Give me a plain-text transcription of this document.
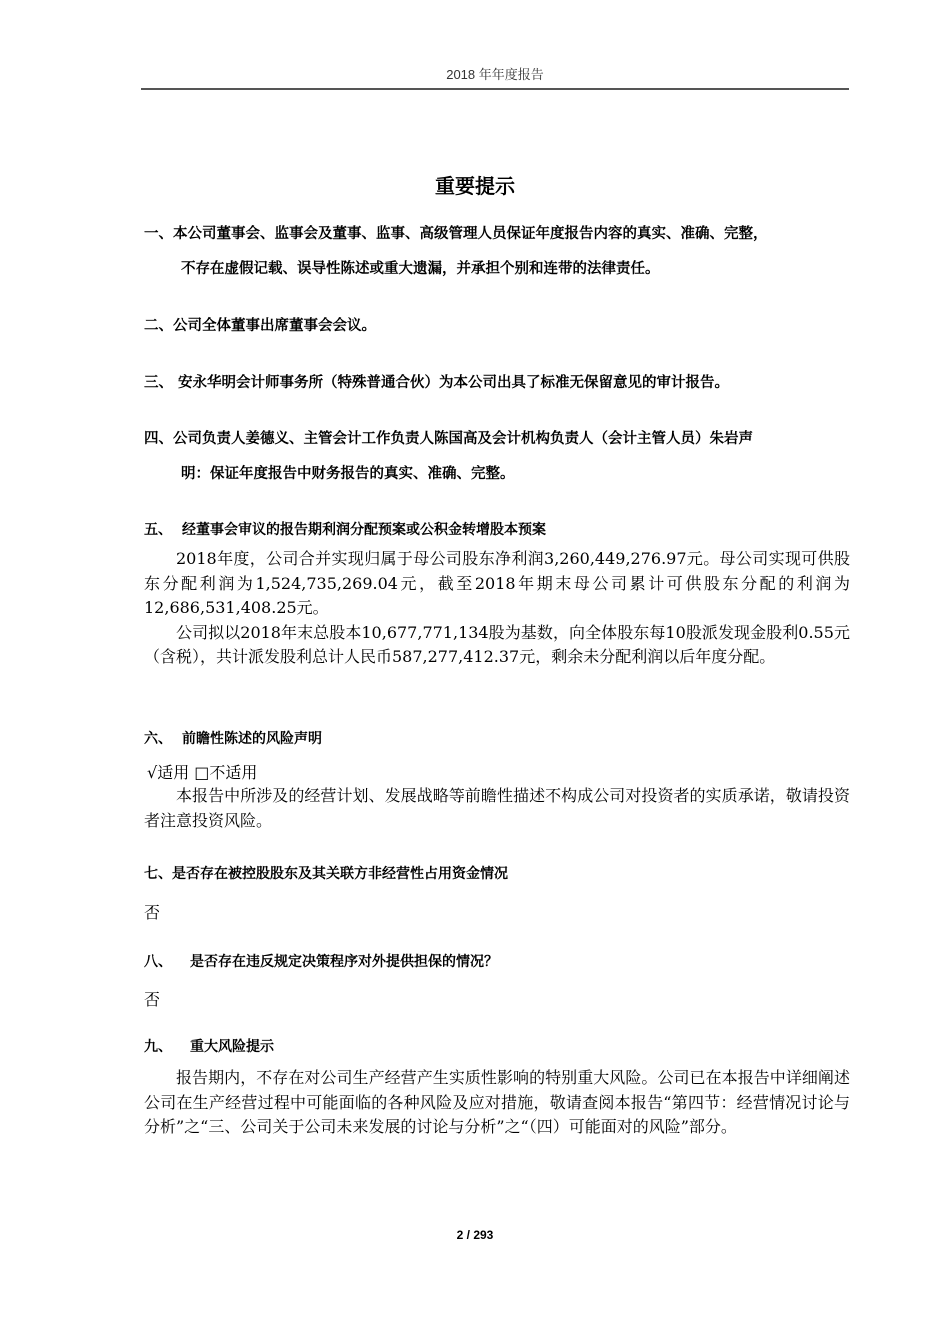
2018 年年度报告
重要提示
一、本公司董事会、监事会及董事、监事、高级管理人员保证年度报告内容的真实、准确、完整，
不存在虚假记载、误导性陈述或重大遗漏，并承担个别和连带的法律责任。
二、公司全体董事出席董事会会议。
三、 安永华明会计师事务所（特殊普通合伙）为本公司出具了标准无保留意见的审计报告。
四、公司负责人姜德义、主管会计工作负责人陈国高及会计机构负责人（会计主管人员）朱岩声
明：保证年度报告中财务报告的真实、准确、完整。
五、 经董事会审议的报告期利润分配预案或公积金转增股本预案

2018年度，公司合并实现归属于母公司股东净利润3,260,449,276.97元。母公司实现可供股东分配利润为1,524,735,269.04元，截至2018年期末母公司累计可供股东分配的利润为12,686,531,408.25元。

公司拟以2018年末总股本10,677,771,134股为基数，向全体股东每10股派发现金股利0.55元（含税），共计派发股利总计人民币587,277,412.37元，剩余未分配利润以后年度分配。

六、 前瞻性陈述的风险声明
√适用 □不适用

本报告中所涉及的经营计划、发展战略等前瞻性描述不构成公司对投资者的实质承诺，敬请投资者注意投资风险。

七、是否存在被控股股东及其关联方非经营性占用资金情况
否
八、 是否存在违反规定决策程序对外提供担保的情况？
否
九、 重大风险提示

报告期内，不存在对公司生产经营产生实质性影响的特别重大风险。公司已在本报告中详细阐述公司在生产经营过程中可能面临的各种风险及应对措施，敬请查阅本报告“第四节：经营情况讨论与分析”之“三、公司关于公司未来发展的讨论与分析”之“（四）可能面对的风险”部分。

2 / 293
